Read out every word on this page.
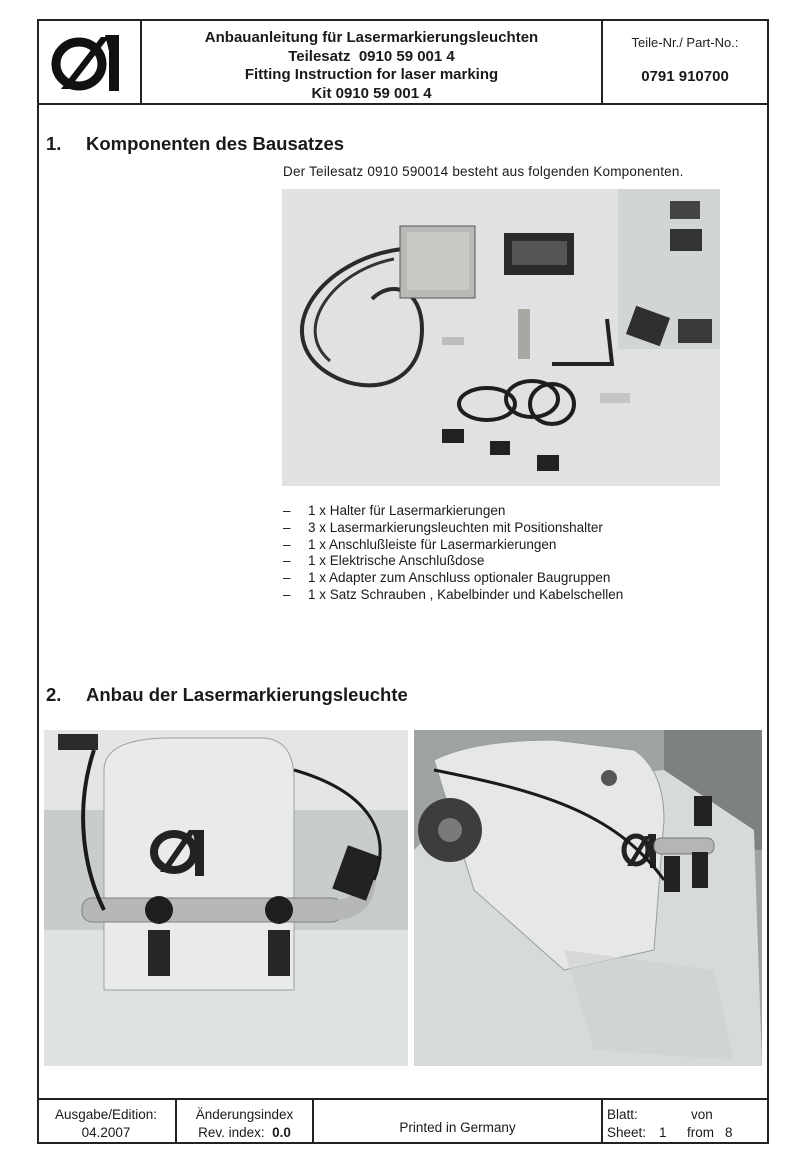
Anbauanleitung für Lasermarkierungsleuchten
Teilesatz  0910 59 001 4
Fitting Instruction for laser marking
Kit 0910 59 001 4
Teile-Nr./ Part-No.:
0791 910700
1. Komponenten des Bausatzes
Der Teilesatz 0910 590014 besteht aus folgenden Komponenten.
– 1 x Halter für Lasermarkierungen
– 3 x Lasermarkierungsleuchten mit Positionshalter
– 1 x Anschlußleiste für Lasermarkierungen
– 1 x Elektrische Anschlußdose
– 1 x Adapter zum Anschluss optionaler Baugruppen
– 1 x Satz Schrauben , Kabelbinder und Kabelschellen
2. Anbau der Lasermarkierungsleuchte
Ausgabe/Edition:
04.2007
Änderungsindex
Rev. index: 0.0	Printed in Germany
Blatt:	von
Sheet: 1 from 8
